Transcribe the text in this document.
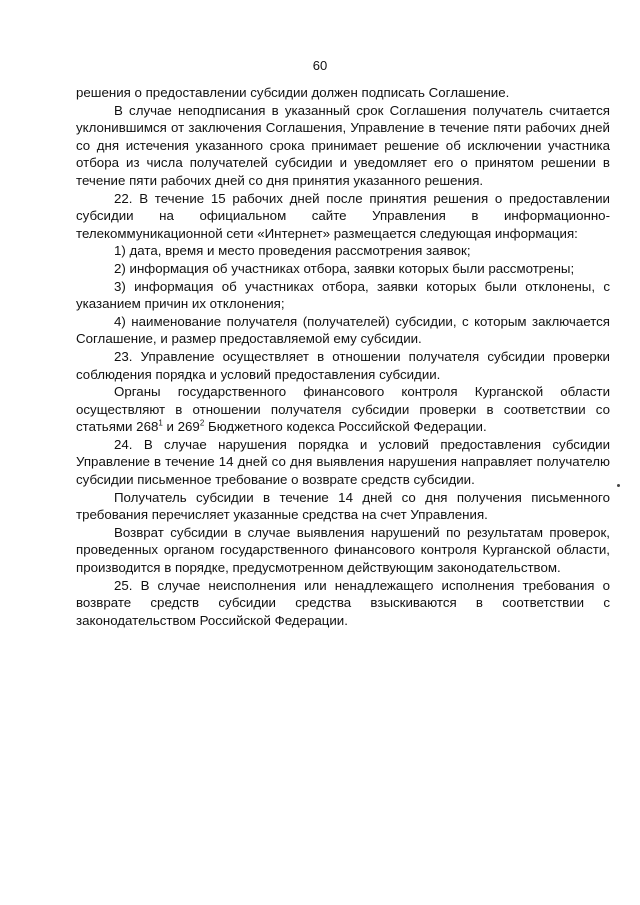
60

решения о предоставлении субсидии должен подписать Соглашение.

В случае неподписания в указанный срок Соглашения получатель считается уклонившимся от заключения Соглашения, Управление в течение пяти рабочих дней со дня истечения указанного срока принимает решение об исключении участника отбора из числа получателей субсидии и уведомляет его о принятом решении в течение пяти рабочих дней со дня принятия указанного решения.

22. В течение 15 рабочих дней после принятия решения о предоставлении субсидии на официальном сайте Управления в информационно-телекоммуникационной сети «Интернет» размещается следующая информация:

1) дата, время и место проведения рассмотрения заявок;

2) информация об участниках отбора, заявки которых были рассмотрены;

3) информация об участниках отбора, заявки которых были отклонены, с указанием причин их отклонения;

4) наименование получателя (получателей) субсидии, с которым заключается Соглашение, и размер предоставляемой ему субсидии.

23. Управление осуществляет в отношении получателя субсидии проверки соблюдения порядка и условий предоставления субсидии.

Органы государственного финансового контроля Курганской области осуществляют в отношении получателя субсидии проверки в соответствии со статьями $268^1$ и $269^2$ Бюджетного кодекса Российской Федерации.

24. В случае нарушения порядка и условий предоставления субсидии Управление в течение 14 дней со дня выявления нарушения направляет получателю субсидии письменное требование о возврате средств субсидии.

Получатель субсидии в течение 14 дней со дня получения письменного требования перечисляет указанные средства на счет Управления.

Возврат субсидии в случае выявления нарушений по результатам проверок, проведенных органом государственного финансового контроля Курганской области, производится в порядке, предусмотренном действующим законодательством.

25. В случае неисполнения или ненадлежащего исполнения требования о возврате средств субсидии средства взыскиваются в соответствии с законодательством Российской Федерации.
